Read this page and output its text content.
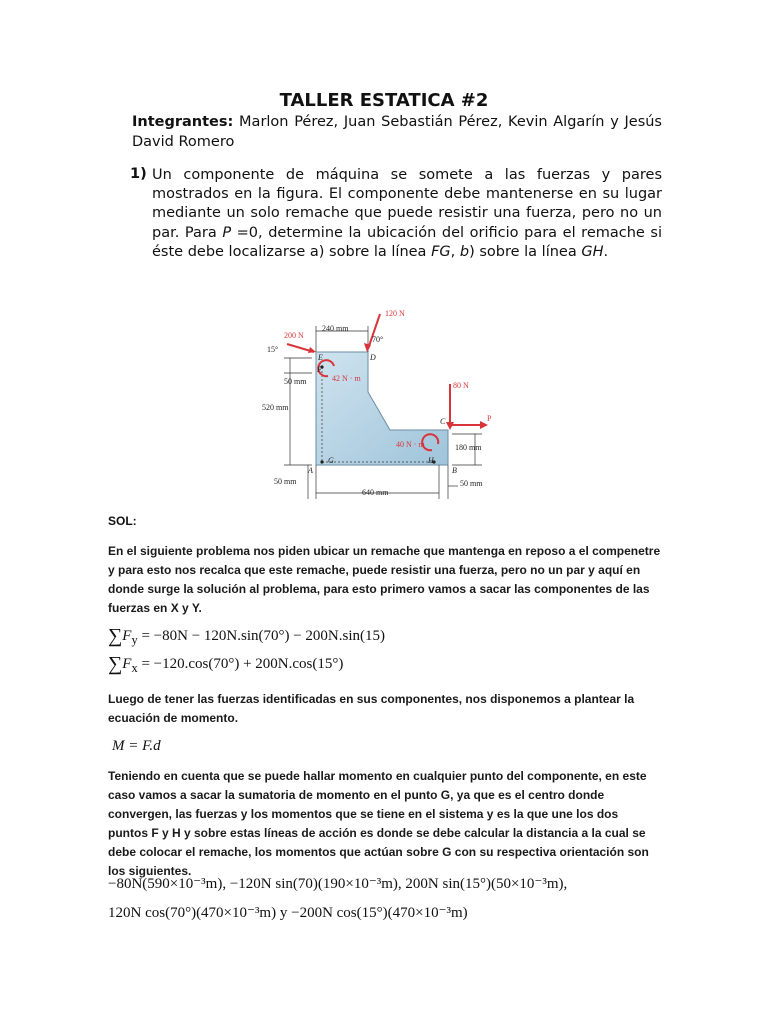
TALLER ESTATICA #2
Integrantes: Marlon Pérez, Juan Sebastián Pérez, Kevin Algarín y Jesús David Romero
1) Un componente de máquina se somete a las fuerzas y pares mostrados en la figura. El componente debe mantenerse en su lugar mediante un solo remache que puede resistir una fuerza, pero no un par. Para P =0, determine la ubicación del orificio para el remache si éste debe localizarse a) sobre la línea FG, b) sobre la línea GH.
240 mm
120 N
200 N	70°
15°
E	D
F
42 N · m
50 mm
520 mm
80 N
C	P
40 N · m	180 mm
G	H
A	B
50 mm	50 mm
640 mm
SOL:
En el siguiente problema nos piden ubicar un remache que mantenga en reposo a el compenetre y para esto nos recalca que este remache, puede resistir una fuerza, pero no un par y aquí en donde surge la solución al problema, para esto primero vamos a sacar las componentes de las fuerzas en X y Y.
$\sum F_y = -80N - 120N.\sin(70^\circ) - 200N.\sin(15)$
$\sum F_x = -120.\cos(70^\circ) + 200N.\cos(15^\circ)$
Luego de tener las fuerzas identificadas en sus componentes, nos disponemos a plantear la ecuación de momento.
M = F.d
Teniendo en cuenta que se puede hallar momento en cualquier punto del componente, en este caso vamos a sacar la sumatoria de momento en el punto G, ya que es el centro donde convergen, las fuerzas y los momentos que se tiene en el sistema y es la que une los dos puntos F y H y sobre estas líneas de acción es donde se debe calcular la distancia a la cual se debe colocar el remache, los momentos que actúan sobre G con su respectiva orientación son los siguientes.
−80N(590×10⁻³m), −120N sin(70)(190×10⁻³m), 200N sin(15°)(50×10⁻³m),
120N cos(70°)(470×10⁻³m) y −200N cos(15°)(470×10⁻³m)
